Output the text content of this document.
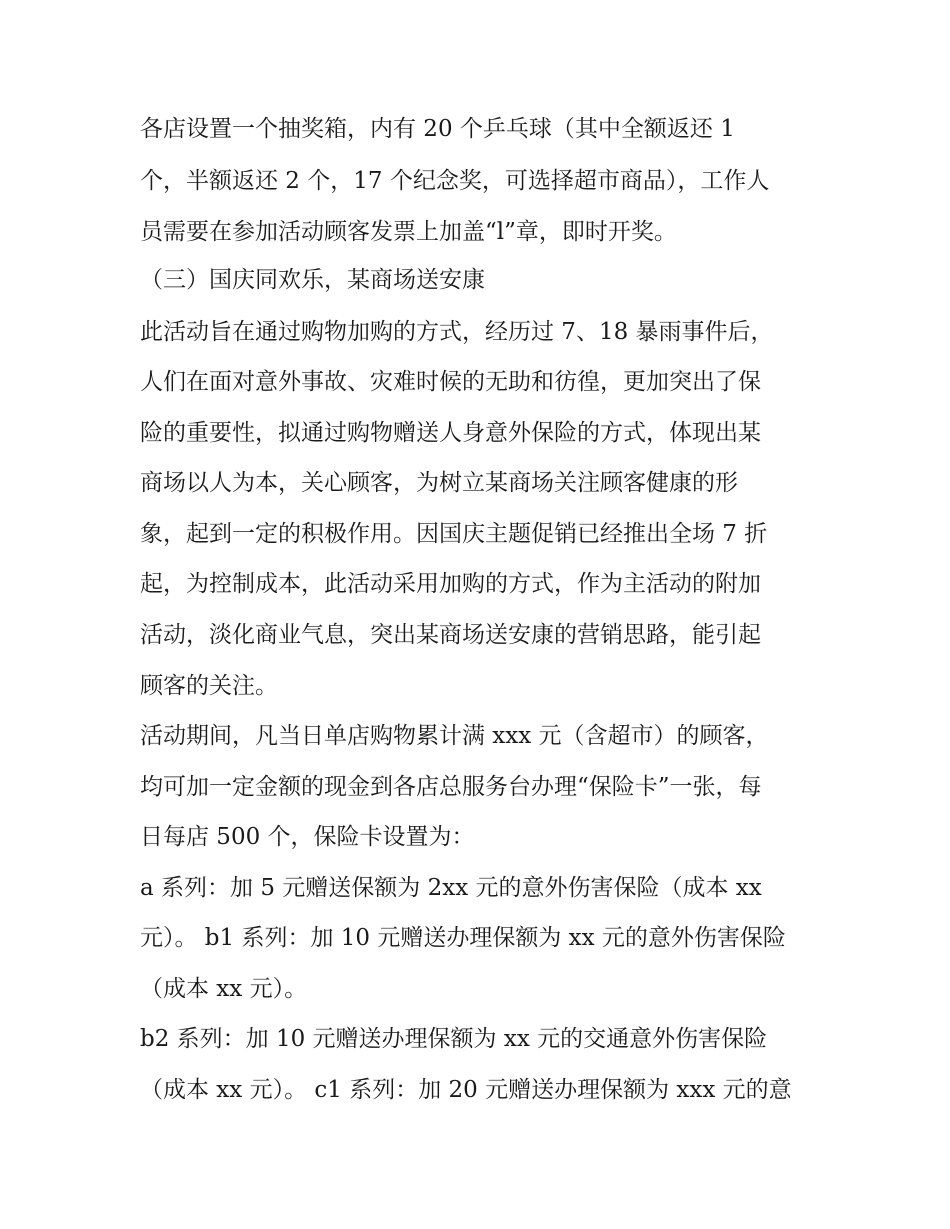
各店设置一个抽奖箱，内有 20 个乒乓球（其中全额返还 1
个，半额返还 2 个，17 个纪念奖，可选择超市商品），工作人
员需要在参加活动顾客发票上加盖“l”章，即时开奖。
（三）国庆同欢乐，某商场送安康
此活动旨在通过购物加购的方式，经历过 7、18 暴雨事件后，
人们在面对意外事故、灾难时候的无助和彷徨，更加突出了保
险的重要性，拟通过购物赠送人身意外保险的方式，体现出某
商场以人为本，关心顾客，为树立某商场关注顾客健康的形
象，起到一定的积极作用。因国庆主题促销已经推出全场 7 折
起，为控制成本，此活动采用加购的方式，作为主活动的附加
活动，淡化商业气息，突出某商场送安康的营销思路，能引起
顾客的关注。
活动期间，凡当日单店购物累计满 xxx 元（含超市）的顾客，
均可加一定金额的现金到各店总服务台办理“保险卡”一张，每
日每店 500 个，保险卡设置为：
a 系列：加 5 元赠送保额为 2xx 元的意外伤害保险（成本 xx
元）。 b1 系列：加 10 元赠送办理保额为 xx 元的意外伤害保险
（成本 xx 元）。
b2 系列：加 10 元赠送办理保额为 xx 元的交通意外伤害保险
（成本 xx 元）。 c1 系列：加 20 元赠送办理保额为 xxx 元的意
